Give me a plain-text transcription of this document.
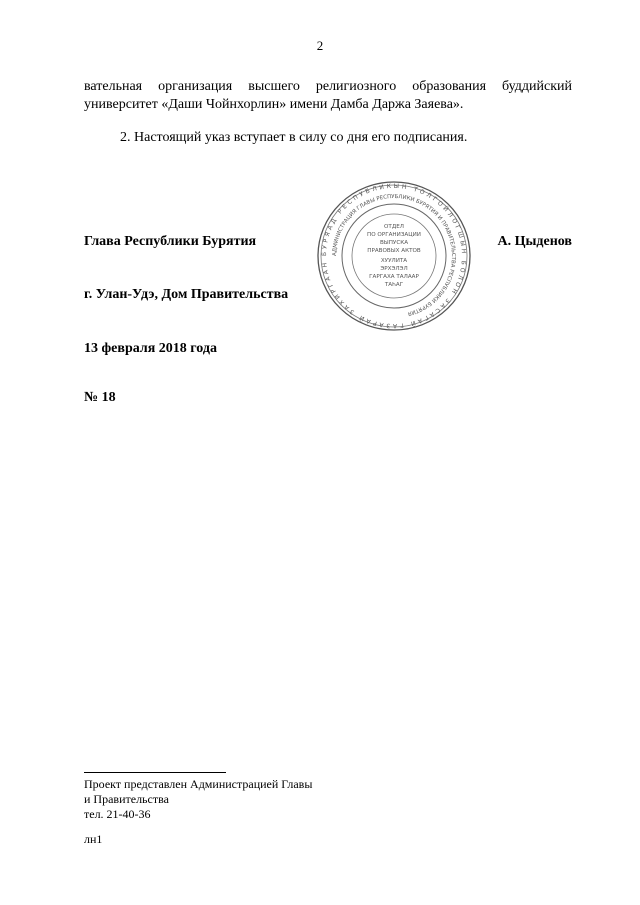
2
вательная организация высшего религиозного образования буддийский
университет «Даши Чойнхорлин» имени Дамба Даржа Заяева».
2. Настоящий указ вступает в силу со дня его подписания.
Глава Республики Бурятия	А. Цыденов
БУРЯАД РЕСПУБЛИКЫН ТОЛГОЙЛОГШЫН БОЛОН ЗАСАГАЙ ГАЗАРАЙ ЗАХИРГААН
АДМИНИСТРАЦИЯ ГЛАВЫ РЕСПУБЛИКИ БУРЯТИЯ И ПРАВИТЕЛЬСТВА РЕСПУБЛИКИ БУРЯТИЯ
ОТДЕЛ
ПО ОРГАНИЗАЦИИ
ВЫПУСКА
ПРАВОВЫХ АКТОВ
ХУУЛИТА
ЭРХЭЛЭЛ
ГАРГАХА ТАЛААР
ТАҺАГ
г. Улан-Удэ, Дом Правительства
13 февраля 2018 года
№ 18
Проект представлен Администрацией Главы
и Правительства
тел. 21-40-36
лн1
